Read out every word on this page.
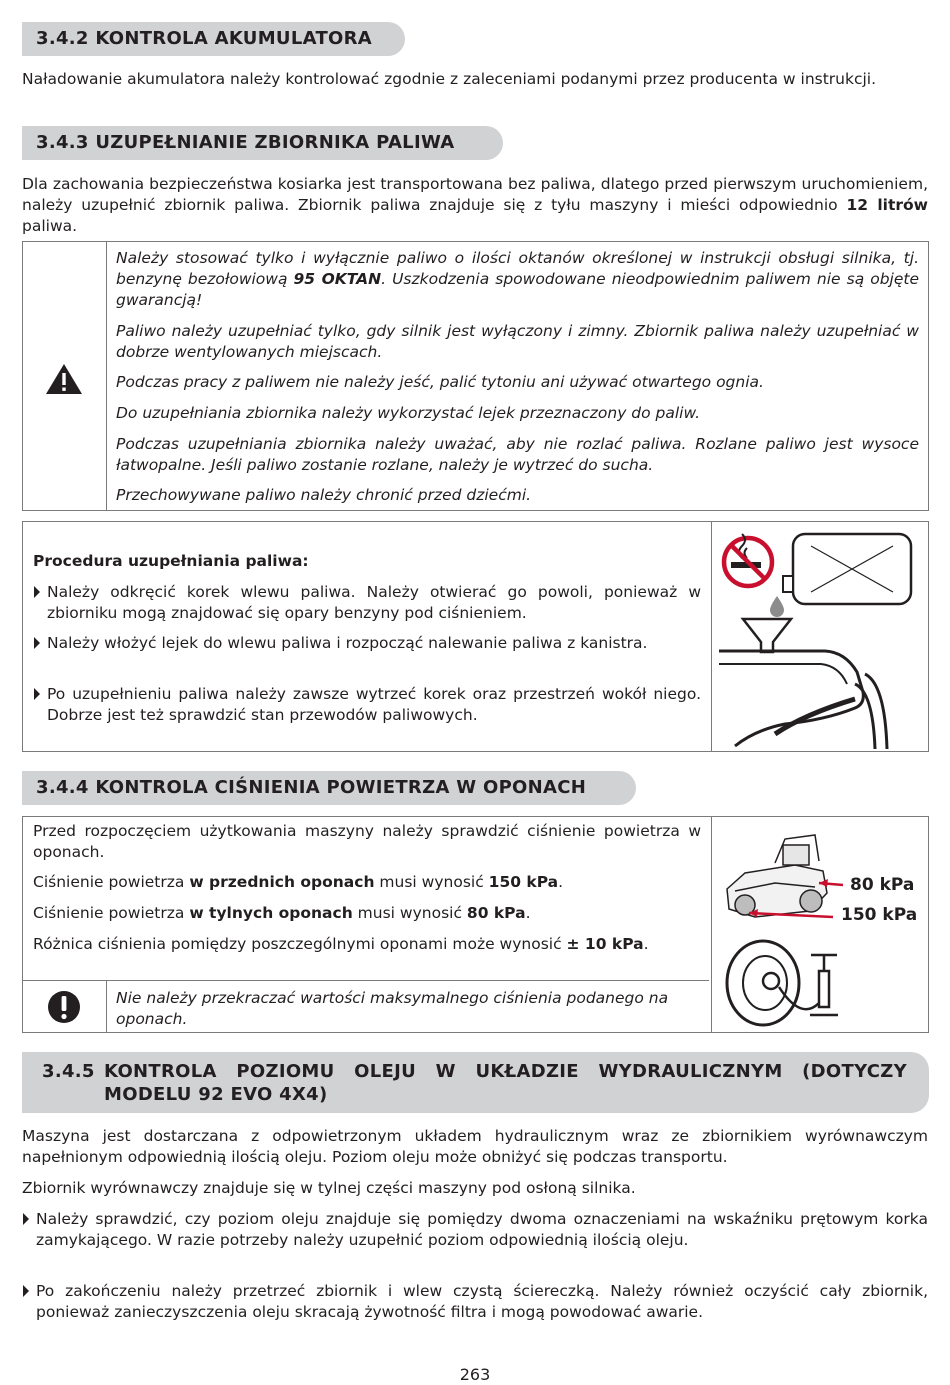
3.4.2 KONTROLA AKUMULATORA

Naładowanie akumulatora należy kontrolować zgodnie z zaleceniami podanymi przez producenta w instrukcji.

3.4.3 UZUPEŁNIANIE ZBIORNIKA PALIWA

Dla zachowania bezpieczeństwa kosiarka jest transportowana bez paliwa, dlatego przed pierwszym uruchomieniem, należy uzupełnić zbiornik paliwa. Zbiornik paliwa znajduje się z tyłu maszyny i mieści odpowiednio 12 litrów paliwa.

Należy stosować tylko i wyłącznie paliwo o ilości oktanów określonej w instrukcji obsługi silnika, tj. benzynę bezołowiową 95 OKTAN. Uszkodzenia spowodowane nieodpowiednim paliwem nie są objęte gwarancją!

Paliwo należy uzupełniać tylko, gdy silnik jest wyłączony i zimny. Zbiornik paliwa należy uzupełniać w dobrze wentylowanych miejscach.

Podczas pracy z paliwem nie należy jeść, palić tytoniu ani używać otwartego ognia.

Do uzupełniania zbiornika należy wykorzystać lejek przeznaczony do paliw.

Podczas uzupełniania zbiornika należy uważać, aby nie rozlać paliwa. Rozlane paliwo jest wysoce łatwopalne. Jeśli paliwo zostanie rozlane, należy je wytrzeć do sucha.

Przechowywane paliwo należy chronić przed dziećmi.

Procedura uzupełniania paliwa:

Należy odkręcić korek wlewu paliwa. Należy otwierać go powoli, ponieważ w zbiorniku mogą znajdować się opary benzyny pod ciśnieniem.

Należy włożyć lejek do wlewu paliwa i rozpocząć nalewanie paliwa z kanistra.

Po uzupełnieniu paliwa należy zawsze wytrzeć korek oraz przestrzeń wokół niego. Dobrze jest też sprawdzić stan przewodów paliwowych.

3.4.4 KONTROLA CIŚNIENIA POWIETRZA W OPONACH

Przed rozpoczęciem użytkowania maszyny należy sprawdzić ciśnienie powietrza w oponach.

Ciśnienie powietrza w przednich oponach musi wynosić 150 kPa.

Ciśnienie powietrza w tylnych oponach musi wynosić 80 kPa.

Różnica ciśnienia pomiędzy poszczególnymi oponami może wynosić ± 10 kPa.

Nie należy przekraczać wartości maksymalnego ciśnienia podanego na oponach.

80 kPa
150 kPa
3.4.5 KONTROLA POZIOMU OLEJU W UKŁADZIE WYDRAULICZNYM (DOTYCZY
MODELU 92 EVO 4X4)

Maszyna jest dostarczana z odpowietrzonym układem hydraulicznym wraz ze zbiornikiem wyrównawczym napełnionym odpowiednią ilością oleju. Poziom oleju może obniżyć się podczas transportu.

Zbiornik wyrównawczy znajduje się w tylnej części maszyny pod osłoną silnika.

Należy sprawdzić, czy poziom oleju znajduje się pomiędzy dwoma oznaczeniami na wskaźniku prętowym korka zamykającego. W razie potrzeby należy uzupełnić poziom odpowiednią ilością oleju.

Po zakończeniu należy przetrzeć zbiornik i wlew czystą ściereczką. Należy również oczyścić cały zbiornik, ponieważ zanieczyszczenia oleju skracają żywotność filtra i mogą powodować awarie.

263
